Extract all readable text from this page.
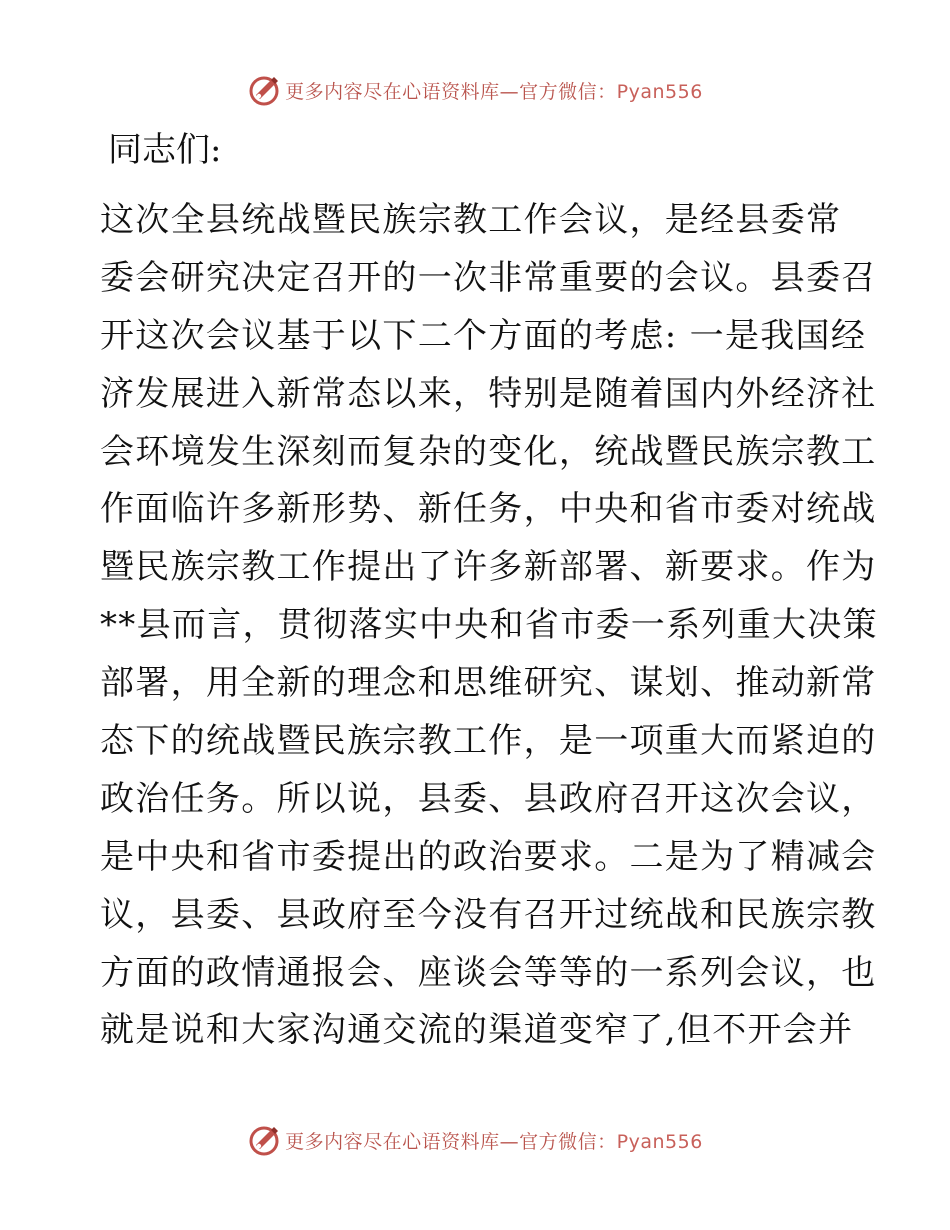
更多内容尽在心语资料库—官方微信：Pyan556
同志们:
这次全县统战暨民族宗教工作会议，是经县委常
委会研究决定召开的一次非常重要的会议。县委召
开这次会议基于以下二个方面的考虑: 一是我国经
济发展进入新常态以来，特别是随着国内外经济社
会环境发生深刻而复杂的变化，统战暨民族宗教工
作面临许多新形势、新任务，中央和省市委对统战
暨民族宗教工作提出了许多新部署、新要求。作为
**县而言，贯彻落实中央和省市委一系列重大决策
部署，用全新的理念和思维研究、谋划、推动新常
态下的统战暨民族宗教工作，是一项重大而紧迫的
政治任务。所以说，县委、县政府召开这次会议，
是中央和省市委提出的政治要求。二是为了精减会
议，县委、县政府至今没有召开过统战和民族宗教
方面的政情通报会、座谈会等等的一系列会议，也
就是说和大家沟通交流的渠道变窄了,但不开会并
更多内容尽在心语资料库—官方微信：Pyan556
